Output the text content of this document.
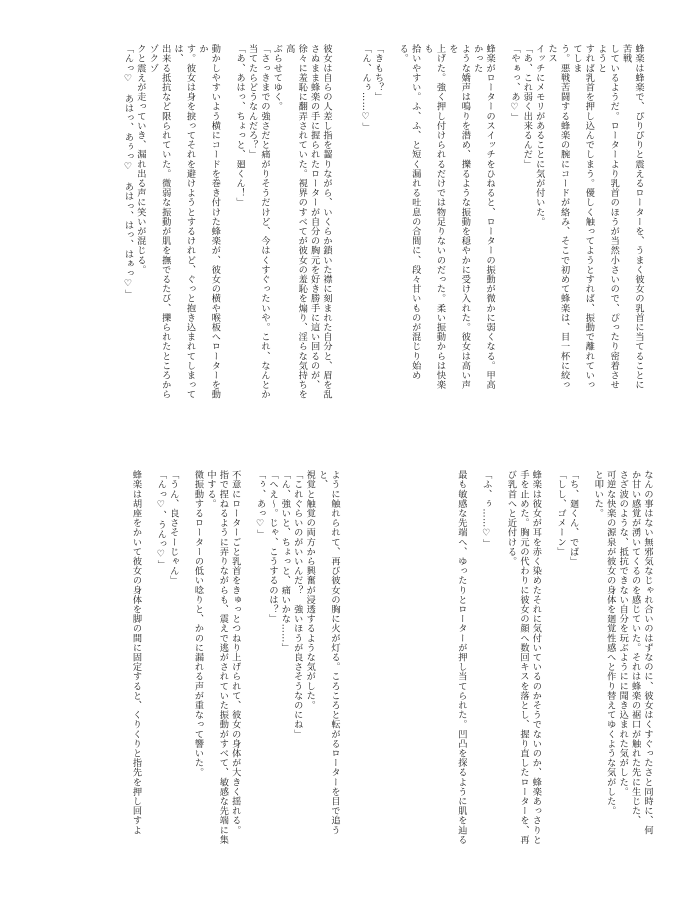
蜂楽は蜂楽で、ぴりぴりと震えるローターを、うまく彼女の乳首に当てることに苦戦

しているようだ。ローターより乳首のほうが当然小さいので、ぴったり密着させようと

すれば乳首を押し込んでしまう。優しく触ってようとすれば、振動で離れていってしま

う。悪戦苦闘する蜂楽の腕にコードが絡み、そこで初めて蜂楽は、目一杯に絞ったス

イッチにメモリがあることに気が付いた。

「あ、これ弱く出来るんだ」

「やぁっ、あ♡」

蜂楽がローターのスイッチをひねると、ローターの振動が微かに弱くなる。甲高かった

ような嬌声は鳴りを潜め、擽るような振動を穏やかに受け入れた。彼女は高い声を

上げた。強く押し付けられるだけでは物足りないのだった。柔い振動からは快楽も

拾いやすい。ふ、ふ、と短く漏れる吐息の合間に、段々甘いものが混じり始める。

「きもち？」

「ん、んぅ……♡」

彼女は自らの人差し指を齧りながら、いくらか鎖いた襟に刻まれた自分と、眉を乱

さぬまま蜂楽の手に握られたローターが自分の胸元を好き勝手に這い回るのが、

徐々に羞恥に翻弄されていた。視界のすべてが彼女の羞恥を煽り、淫らな気持ちを高

ぶらせてゆく。

「さっきまでの強さだと痛がりそうだけど、今はくすぐったいや。これ、なんとか

当てたらどうなんだろ？」

「あ、あはっ、ちょっと、廻くん！」

動かしやすいよう横にコードを巻き付けた蜂楽が、彼女の横や喉板へローターを動か

す。彼女は身を捩ってそれを避けようとするけれど、ぐっと抱き込まれてしまっては、

出来る抵抗など限られていた。微弱な振動が肌を撫でるたび、擽られたところからゾクゾ

クと震えが走っていき、漏れ出る声に笑いが混じる。

「んっ♡　あはっ、あぅっ♡　あはっ、はっ、はぁっ♡」

なんの事はない無邪気なじゃれ合いのはずなのに、彼女はくすぐったさと同時に、何

か甘い感覚が湧いてくるのを感じていた。それは蜂楽の裾口が触れた先に生じた、

さざ波のような、抵抗できない自分を玩ぶようにに聞き込まれた気がした。

可逆な快楽の源泉が彼女の身体を廻覚性感へと作り替えてゆくような気がした。

と叩いた。

「ち、廻くん、でば」

「しし、ゴメーン」

蜂楽は彼女が耳を赤く染めたそれに気付いているのかそうでないのか、蜂楽あっさりと

手を止めた。胸元の代わりに彼女の顔へ数回キスを落とし、握り直したローターを、再

び乳首へと近付ける。

「ふ、ぅ……♡」

最も敏感な先端へ、ゆったりとローターが押し当てられた。凹凸を探るように肌を辿る

ように触れられて、再び彼女の胸に火が灯る。ころころと転がるローターを目で追うと、

視覚と触覚の両方から興奮が浸透するような気がした。

「これぐらいのがいいんだ？　強いほうが良さそうなのにね」

「ん、強いと、ちょっと、痛いかな……」

「へえ～。じゃ、こうするのは？」

「ぅ、あっ♡」

不意にローターごと乳首をきゅっとつねり上げられて、彼女の身体が大きく揺れる。

指で捏ねるように弄りながらも、震えで逃がされていた振動がすべて、敏感な先端に集中する。

微振動するローターの低い唸りと、かのに漏れる声が重なって響いた。

「うん、良さそーじゃん」

「んっ♡、うんっ♡」

蜂楽は胡座をかいて彼女の身体を脚の間に固定すると、くりくりと指先を押し回すよ
